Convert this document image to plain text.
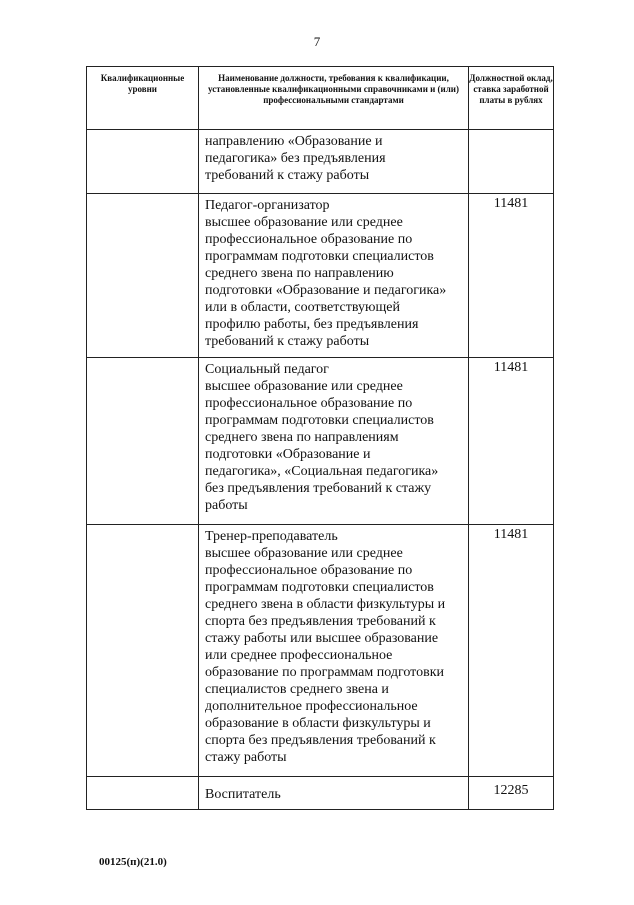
7
Квалификационные уровни
Наименование должности, требования к квалификации, установленные квалификационными справочниками и (или) профессиональными стандартами
Должностной оклад, ставка заработной платы в рублях
направлению «Образование и
педагогика» без предъявления
требований к стажу работы
Педагог-организатор
высшее образование или среднее
профессиональное образование по
программам подготовки специалистов
среднего звена по направлению
подготовки «Образование и педагогика»
или в области, соответствующей
профилю работы, без предъявления
требований к стажу работы
11481
Социальный педагог
высшее образование или среднее
профессиональное образование по
программам подготовки специалистов
среднего звена по направлениям
подготовки «Образование и
педагогика», «Социальная педагогика»
без предъявления требований к стажу
работы
11481
Тренер-преподаватель
высшее образование или среднее
профессиональное образование по
программам подготовки специалистов
среднего звена в области физкультуры и
спорта без предъявления требований к
стажу работы или высшее образование
или среднее профессиональное
образование по программам подготовки
специалистов среднего звена и
дополнительное профессиональное
образование в области физкультуры и
спорта без предъявления требований к
стажу работы
11481
Воспитатель	12285
00125(п)(21.0)
